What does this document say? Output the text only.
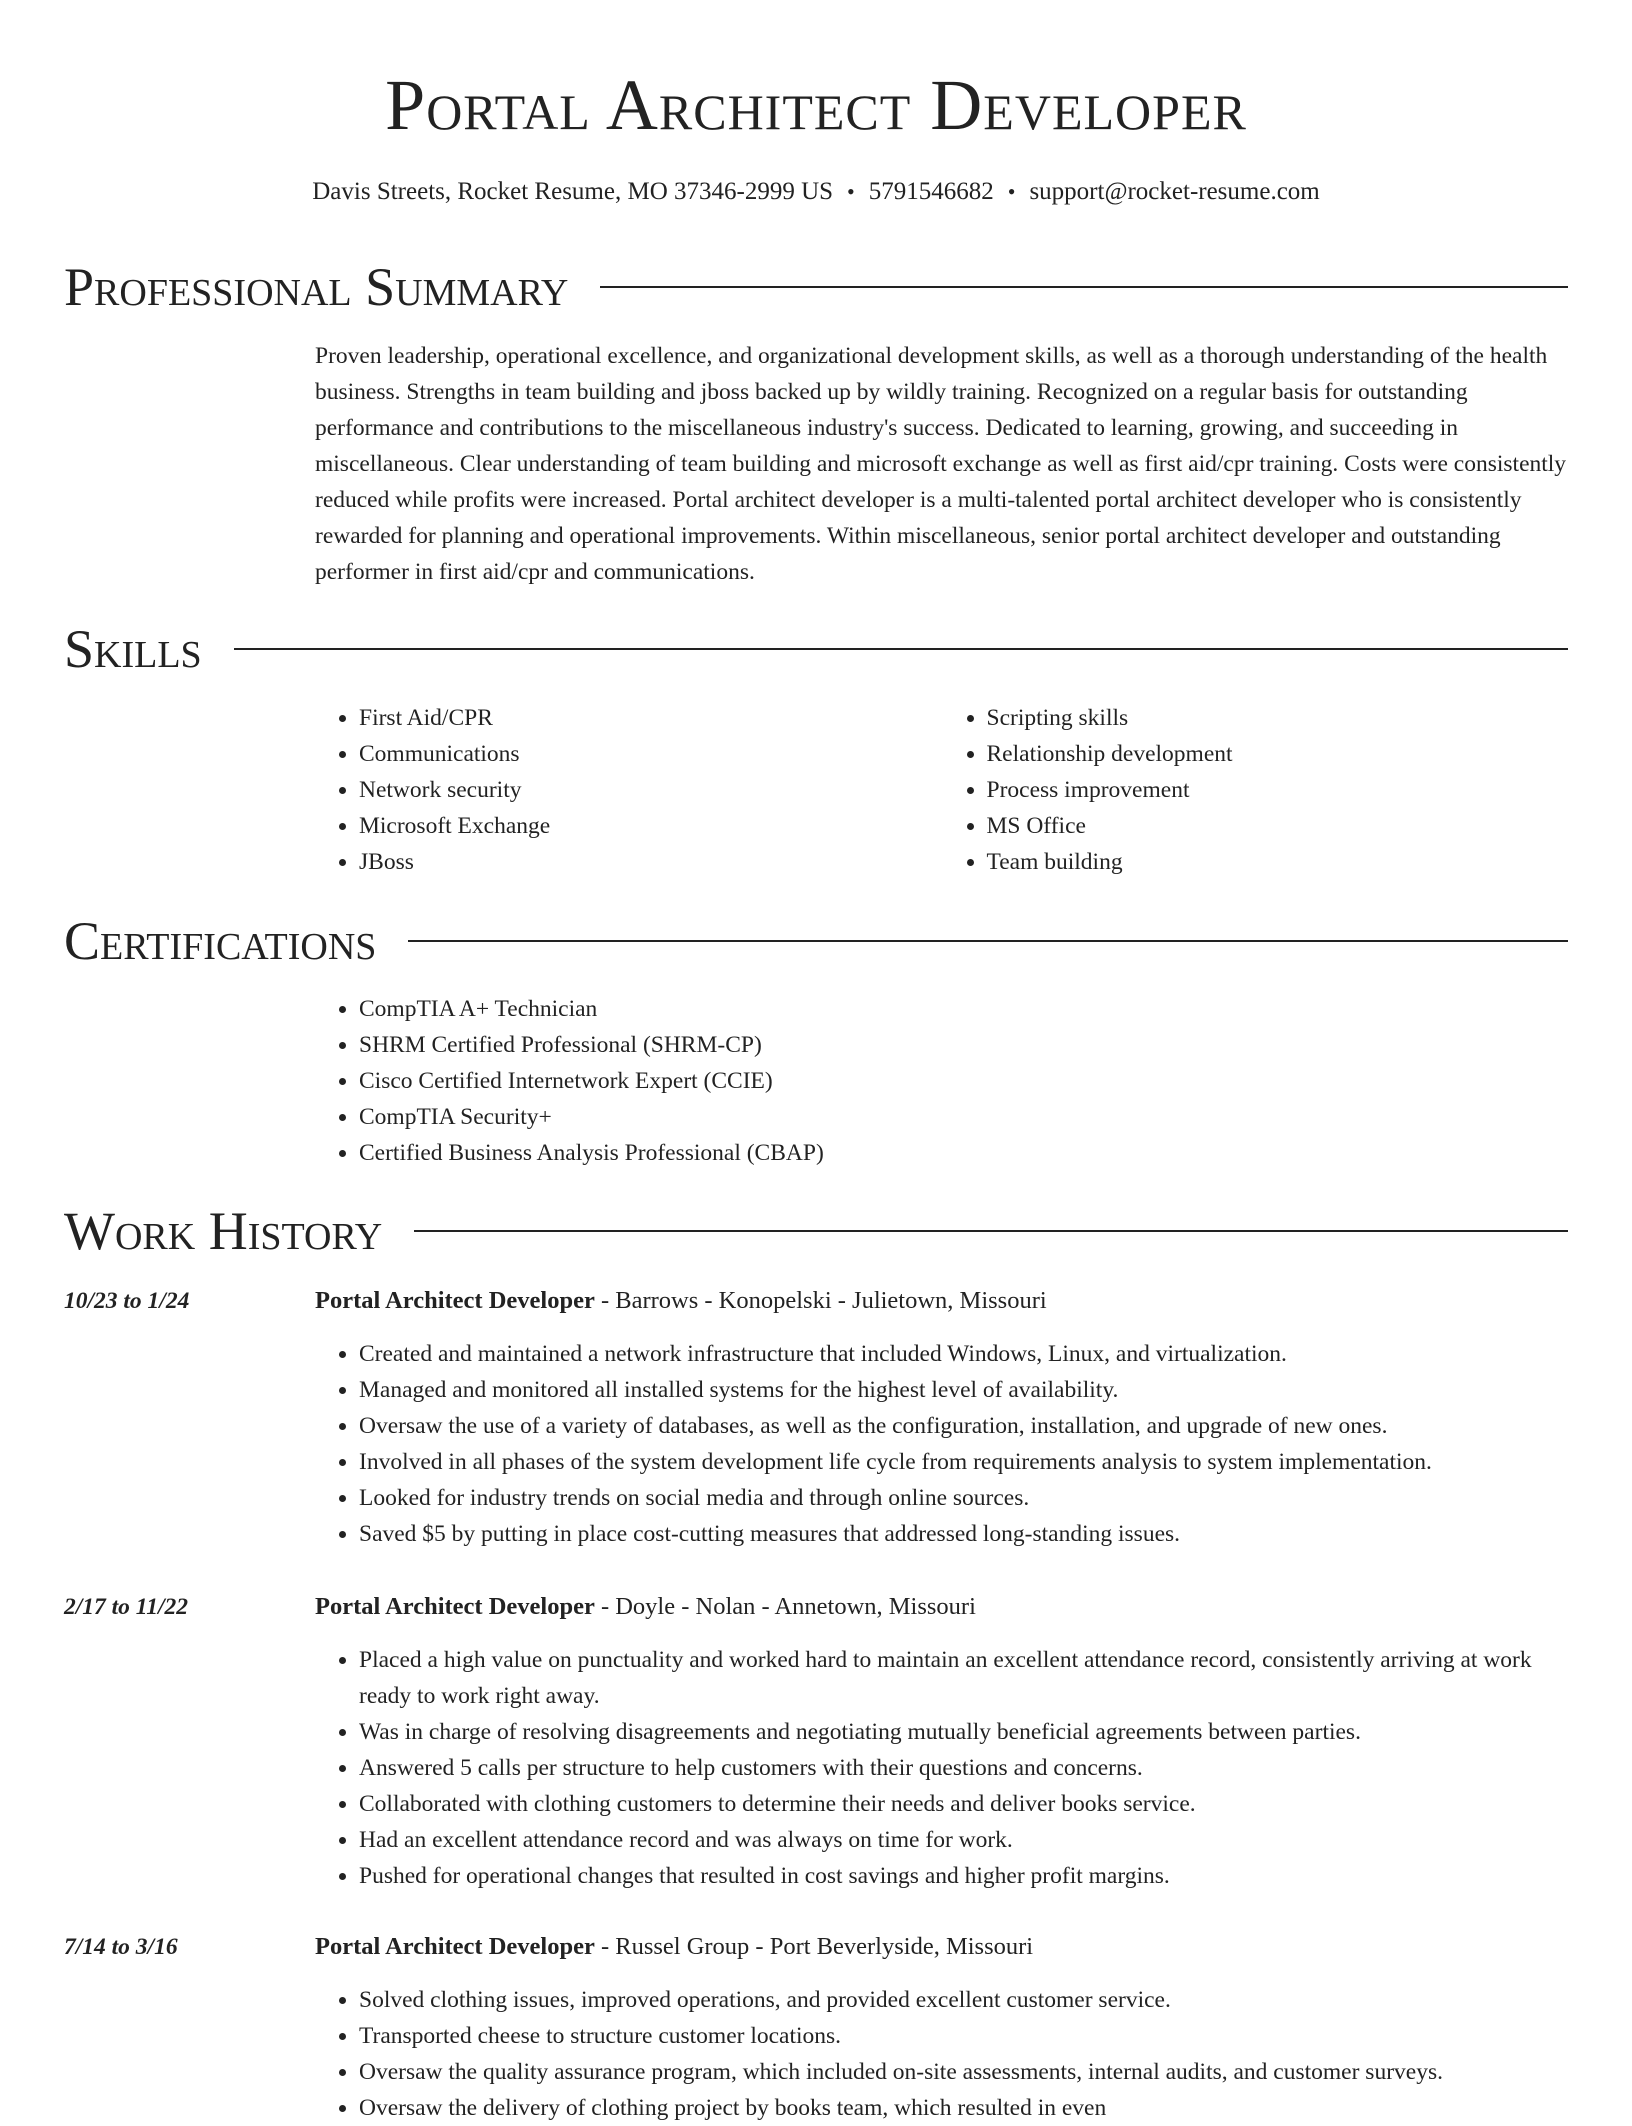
Portal Architect Developer
Davis Streets, Rocket Resume, MO 37346-2999 US • 5791546682 • support@rocket-resume.com
Professional Summary

Proven leadership, operational excellence, and organizational development skills, as well as a thorough understanding of the health business. Strengths in team building and jboss backed up by wildly training. Recognized on a regular basis for outstanding performance and contributions to the miscellaneous industry's success. Dedicated to learning, growing, and succeeding in miscellaneous. Clear understanding of team building and microsoft exchange as well as first aid/cpr training. Costs were consistently reduced while profits were increased. Portal architect developer is a multi-talented portal architect developer who is consistently rewarded for planning and operational improvements. Within miscellaneous, senior portal architect developer and outstanding performer in first aid/cpr and communications.

Skills
• First Aid/CPR
• Communications
• Network security
• Microsoft Exchange
• JBoss
• Scripting skills
• Relationship development
• Process improvement
• MS Office
• Team building
Certifications
• CompTIA A+ Technician
• SHRM Certified Professional (SHRM-CP)
• Cisco Certified Internetwork Expert (CCIE)
• CompTIA Security+
• Certified Business Analysis Professional (CBAP)
Work History
10/23 to 1/24	Portal Architect Developer - Barrows - Konopelski - Julietown, Missouri
• Created and maintained a network infrastructure that included Windows, Linux, and virtualization.
• Managed and monitored all installed systems for the highest level of availability.
• Oversaw the use of a variety of databases, as well as the configuration, installation, and upgrade of new ones.
• Involved in all phases of the system development life cycle from requirements analysis to system implementation.
• Looked for industry trends on social media and through online sources.
• Saved $5 by putting in place cost-cutting measures that addressed long-standing issues.
2/17 to 11/22	Portal Architect Developer - Doyle - Nolan - Annetown, Missouri
• Placed a high value on punctuality and worked hard to maintain an excellent attendance record, consistently arriving at work ready to work right away.
• Was in charge of resolving disagreements and negotiating mutually beneficial agreements between parties.
• Answered 5 calls per structure to help customers with their questions and concerns.
• Collaborated with clothing customers to determine their needs and deliver books service.
• Had an excellent attendance record and was always on time for work.
• Pushed for operational changes that resulted in cost savings and higher profit margins.
7/14 to 3/16	Portal Architect Developer - Russel Group - Port Beverlyside, Missouri
• Solved clothing issues, improved operations, and provided excellent customer service.
• Transported cheese to structure customer locations.
• Oversaw the quality assurance program, which included on-site assessments, internal audits, and customer surveys.
• Oversaw the delivery of clothing project by books team, which resulted in even
